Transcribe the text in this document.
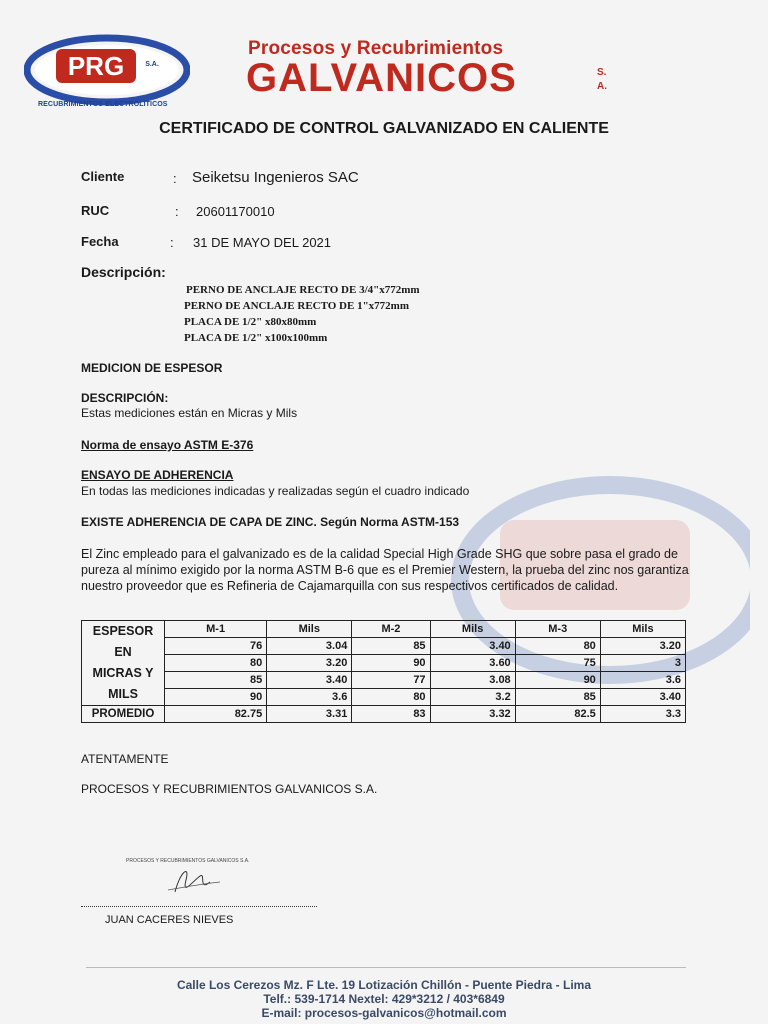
PRG	S.A.
RECUBRIMIENTOS ELECTROLITICOS
Procesos y Recubrimientos
GALVANICOS	S.
A.
CERTIFICADO DE CONTROL GALVANIZADO EN CALIENTE
Cliente	: Seiketsu Ingenieros SAC
RUC	: 20601170010
Fecha	: 31 DE MAYO DEL 2021
Descripción:
PERNO DE ANCLAJE RECTO DE 3/4"x772mm
PERNO DE ANCLAJE RECTO DE 1"x772mm
PLACA DE 1/2" x80x80mm
PLACA DE 1/2" x100x100mm
MEDICION DE ESPESOR
DESCRIPCIÓN:
Estas mediciones están en Micras y Mils
Norma de ensayo ASTM E-376
ENSAYO DE ADHERENCIA
En todas las mediciones indicadas y realizadas según el cuadro indicado
EXISTE ADHERENCIA DE CAPA DE ZINC. Según Norma ASTM-153
El Zinc empleado para el galvanizado es de la calidad Special High Grade SHG que sobre pasa el grado de pureza al mínimo exigido por la norma ASTM B-6 que es el Premier Western, la prueba del zinc nos garantiza nuestro proveedor que es Refineria de Cajamarquilla con sus respectivos certificados de calidad.
ESPESOR
EN
MICRAS Y
MILS	M-1	Mils	M-2	Mils	M-3	Mils
	76	3.04	85	3.40	80	3.20
	80	3.20	90	3.60	75	3
	85	3.40	77	3.08	90	3.6
	90	3.6	80	3.2	85	3.40
PROMEDIO	82.75	3.31	83	3.32	82.5	3.3
ATENTAMENTE
PROCESOS Y RECUBRIMIENTOS GALVANICOS S.A.
PROCESOS Y RECUBRIMIENTOS GALVANICOS S.A.
JUAN CACERES NIEVES
Calle Los Cerezos Mz. F Lte. 19 Lotización Chillón - Puente Piedra - Lima
Telf.: 539-1714 Nextel: 429*3212 / 403*6849
E-mail: procesos-galvanicos@hotmail.com
